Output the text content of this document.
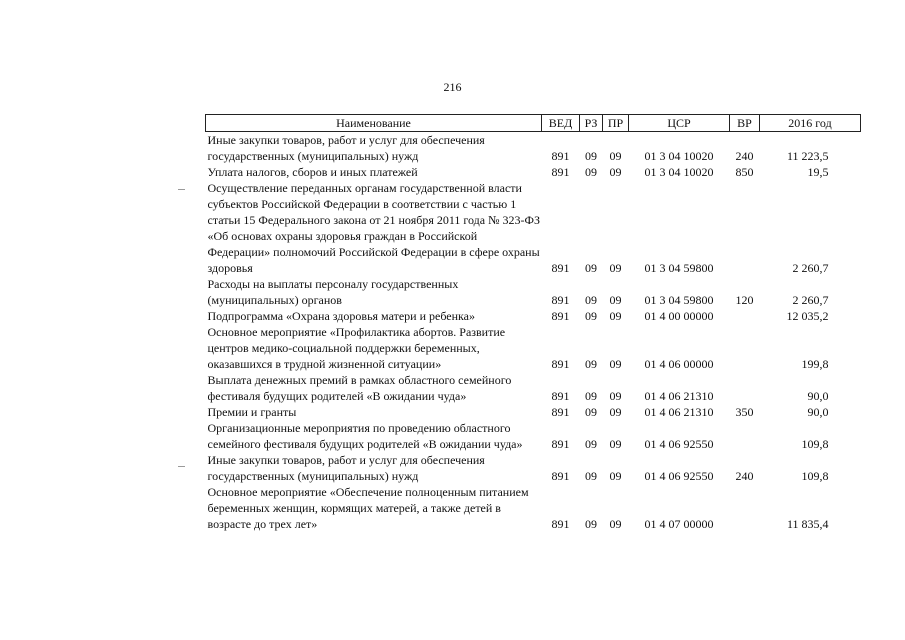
216
Наименование	ВЕД	РЗ	ПР	ЦСР	ВР	2016 год
Иные закупки товаров, работ и услуг для обеспечения государственных (муниципальных) нужд	891	09	09	01 3 04 10020	240	11 223,5
Уплата налогов, сборов и иных платежей	891	09	09	01 3 04 10020	850	19,5
Осуществление переданных органам государственной власти субъектов Российской Федерации в соответствии с частью 1 статьи 15 Федерального закона от 21 ноября 2011 года № 323-ФЗ «Об основах охраны здоровья граждан в Российской Федерации» полномочий Российской Федерации в сфере охраны здоровья	891	09	09	01 3 04 59800		2 260,7
Расходы на выплаты персоналу государственных (муниципальных) органов	891	09	09	01 3 04 59800	120	2 260,7
Подпрограмма «Охрана здоровья матери и ребенка»	891	09	09	01 4 00 00000		12 035,2
Основное мероприятие «Профилактика абортов. Развитие центров медико-социальной поддержки беременных, оказавшихся в трудной жизненной ситуации»	891	09	09	01 4 06 00000		199,8
Выплата денежных премий в рамках областного семейного фестиваля будущих родителей «В ожидании чуда»	891	09	09	01 4 06 21310		90,0
Премии и гранты	891	09	09	01 4 06 21310	350	90,0
Организационные мероприятия по проведению областного семейного фестиваля будущих родителей «В ожидании чуда»	891	09	09	01 4 06 92550		109,8
Иные закупки товаров, работ и услуг для обеспечения государственных (муниципальных) нужд	891	09	09	01 4 06 92550	240	109,8
Основное мероприятие «Обеспечение полноценным питанием беременных женщин, кормящих матерей, а также детей в возрасте до трех лет»	891	09	09	01 4 07 00000		11 835,4
